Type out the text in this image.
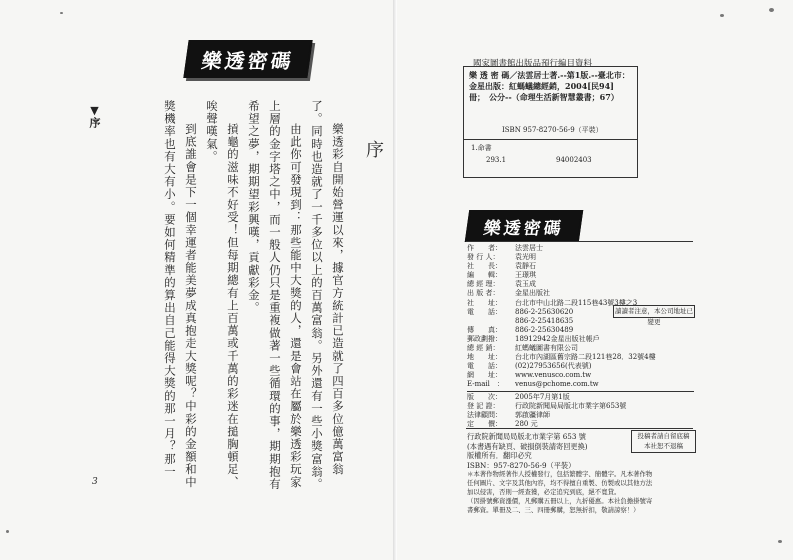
樂透密碼
序

樂透彩自開始營運以來，據官方統計已造就了四百多位億萬富翁了。同時也造就了一千多位以上的百萬富翁。另外還有一些小獎富翁。

由此你可發現到：那些能中大獎的人，還是會站在屬於樂透彩玩家上層的金字塔之中，而一般人仍只是重複做著一些循環的事，期期抱有希望之夢，期期望彩興嘆，貢獻彩金。

摃龜的滋味不好受！但每期總有上百萬或千萬的彩迷在搥胸頓足、唉聲嘆氣。

到底誰會是下一個幸運者能美夢成真抱走大獎呢？中彩的金額和中獎機率也有大有小。要如何精準的算出自己能得大獎的那一月？那一

▼序
3
國家圖書館出版品預行編目資料
樂 透 密 碼／法雲居士著.--第1版.--臺北市：金星出版：紅螞蟻總經銷，2004[民94]　冊；　公分--（命理生活新智慧叢書；67）
ISBN 957-8270-56-9（平裝）
1.命書
293.1	94002403
樂透密碼
作　　者：	法雲居士
發 行 人：	袁光明
社　　長：	袁靜石
編　　輯：	王璟琪
總 經 理：	袁玉成
出 版 者：	金星出版社
社　　址：	台北市中山北路二段115巷43號3樓之3
電　　話：	886-2-25630620
886-2-25418635
傳　　真：	886-2-25630489
郵政劃撥：	18912942金星出版社帳戶
總 經 銷：	紅螞蟻圖書有限公司
地　　址：	台北市內湖區舊宗路二段121巷28．32號4樓
電　　話：	(02)27953656(代表號)
網　　址：	www.venusco.com.tw
E-mail　：	venus@pchome.com.tw
版　　次：	2005年7月第1版
登 記 證：	行政院新聞局局版北市業字第653號
法律顧問：	郭啟疆律師
定　　價：	280 元
讀讀者注意，本公司地址已變更
行政院新聞局局版北市業字第 653 號
(本書遇有缺頁、破損倒裝請寄回更換)
版權所有．翻印必究
ISBN：957-8270-56-9（平裝）
＊本著作物經著作人授權發行，包括繁體字、簡體字。凡本著作物任何圖片、文字及其他內容，均不得擅自重製、仿製或以其他方法加以侵害，否則一經查獲，必定追究到底，絕不寬貸。
（因掛號郵資漲價，凡郵購五冊以上，九折優惠。本社負擔掛號寄書郵資。單冊及二、三、四冊郵購，恕無折扣，敬請諒察！）
投稿者請自留底稿
本社恕不退稿
